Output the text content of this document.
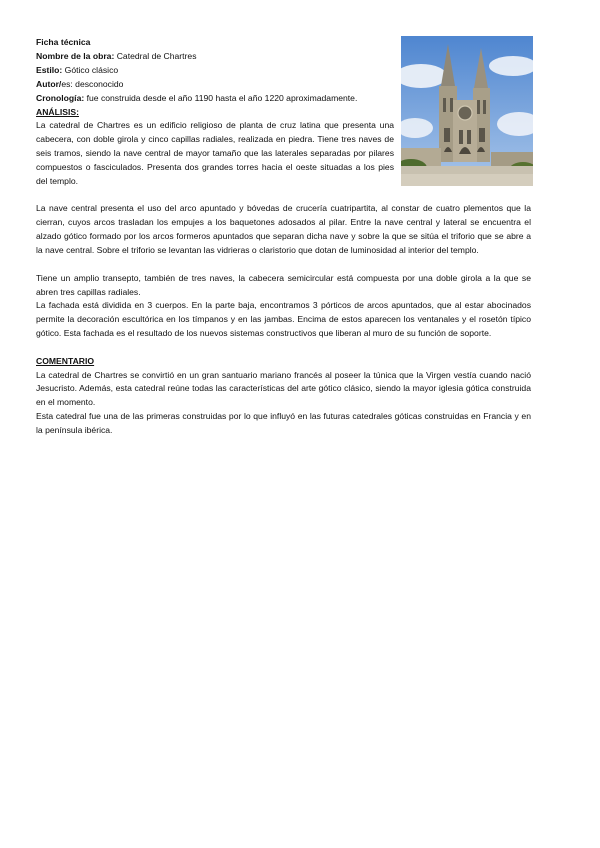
Ficha técnica
Nombre de la obra: Catedral de Chartres
Estilo: Gótico clásico
Autor/es: desconocido
Cronología: fue construida desde el año 1190 hasta el año 1220 aproximadamente.
ANÁLISIS:

La catedral de Chartres es un edificio religioso de planta de cruz latina que presenta una cabecera, con doble girola y cinco capillas radiales, realizada en piedra. Tiene tres naves de seis tramos, siendo la nave central de mayor tamaño que las laterales separadas por pilares compuestos o fasciculados. Presenta dos grandes torres hacia el oeste situadas a los pies del templo.

La nave central presenta el uso del arco apuntado y bóvedas de crucería cuatripartita, al constar de cuatro plementos que la cierran, cuyos arcos trasladan los empujes a los baquetones adosados al pilar. Entre la nave central y lateral se encuentra el alzado gótico formado por los arcos formeros apuntados que separan dicha nave y sobre la que se sitúa el triforio que se abre a la nave central. Sobre el triforio se levantan las vidrieras o claristorio que dotan de luminosidad al interior del templo.

Tiene un amplio transepto, también de tres naves, la cabecera semicircular está compuesta por una doble girola a la que se abren tres capillas radiales.

La fachada está dividida en 3 cuerpos. En la parte baja, encontramos 3 pórticos de arcos apuntados, que al estar abocinados permite la decoración escultórica en los tímpanos y en las jambas. Encima de estos aparecen los ventanales y el rosetón típico gótico. Esta fachada es el resultado de los nuevos sistemas constructivos que liberan al muro de su función de soporte.

COMENTARIO

La catedral de Chartres se convirtió en un gran santuario mariano francés al poseer la túnica que la Virgen vestía cuando nació Jesucristo. Además, esta catedral reúne todas las características del arte gótico clásico, siendo la mayor iglesia gótica construida en el momento.

Esta catedral fue una de las primeras construidas por lo que influyó en las futuras catedrales góticas construidas en Francia y en la península ibérica.
